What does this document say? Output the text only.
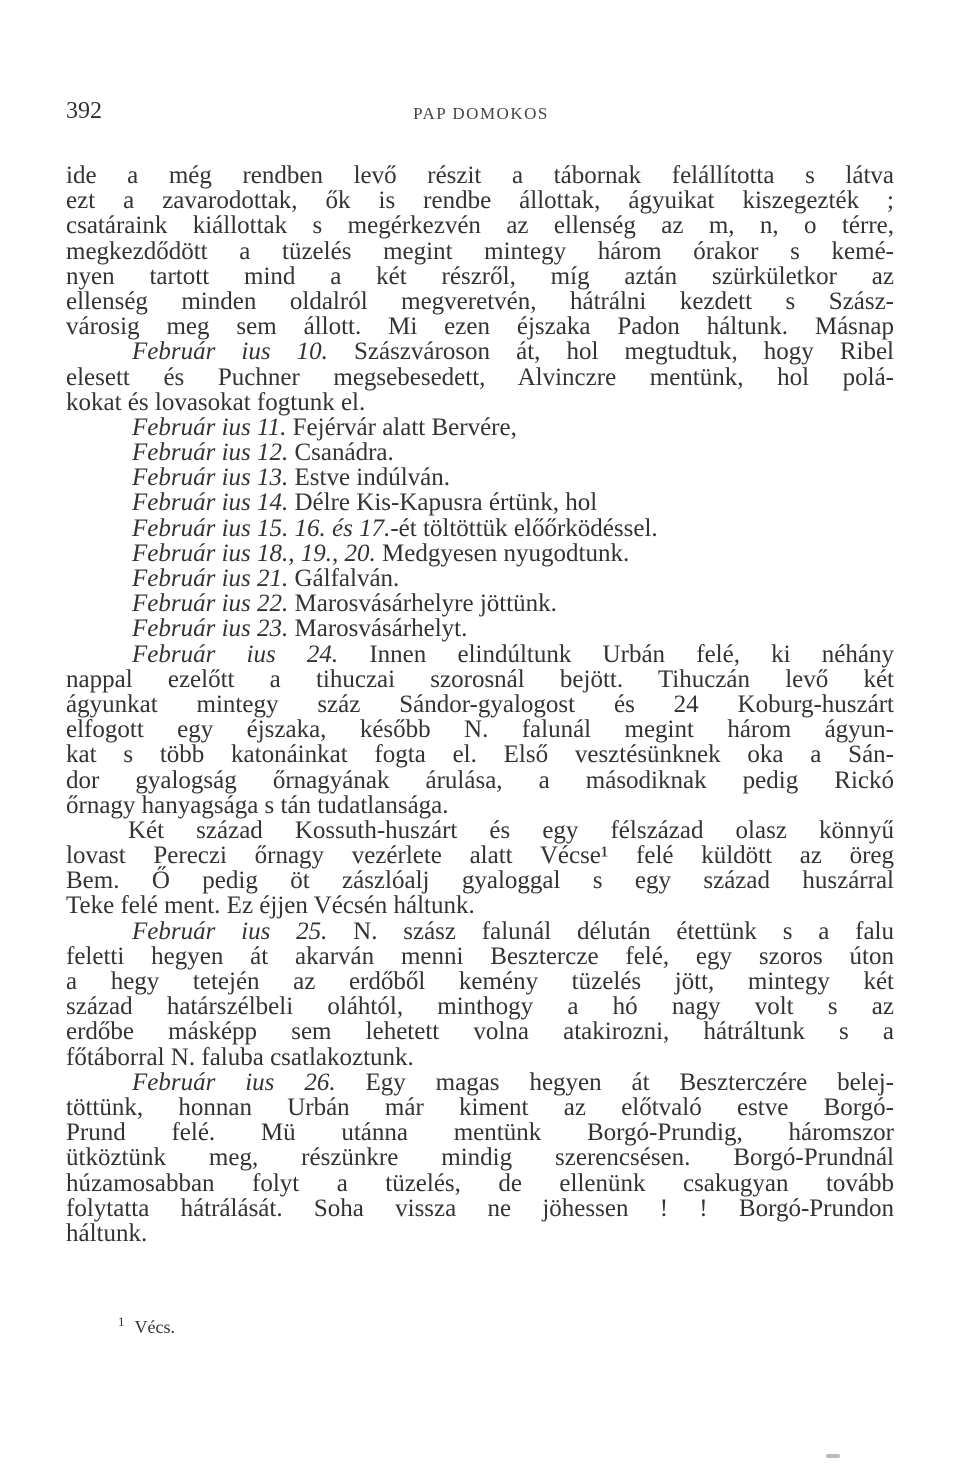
392	PAP DOMOKOS
ide a még rendben levő részit a tábornak felállította s látva
ezt a zavarodottak, ők is rendbe állottak, ágyuikat kiszegezték ;
csatáraink kiállottak s megérkezvén az ellenség az m, n, o térre,
megkezdődött a tüzelés megint mintegy három órakor s kemé-
nyen tartott mind a két részről, míg aztán szürkületkor az
ellenség minden oldalról megveretvén, hátrálni kezdett s Szász-
városig meg sem állott. Mi ezen éjszaka Padon háltunk. Másnap
Február ius 10. Szászvároson át, hol megtudtuk, hogy Ribel
elesett és Puchner megsebesedett, Alvinczre mentünk, hol polá-
kokat és lovasokat fogtunk el.
Február ius 11. Fejérvár alatt Bervére,
Február ius 12. Csanádra.
Február ius 13. Estve indúlván.
Február ius 14. Délre Kis-Kapusra értünk, hol
Február ius 15. 16. és 17.-ét töltöttük előőrködéssel.
Február ius 18., 19., 20. Medgyesen nyugodtunk.
Február ius 21. Gálfalván.
Február ius 22. Marosvásárhelyre jöttünk.
Február ius 23. Marosvásárhelyt.
Február ius 24. Innen elindúltunk Urbán felé, ki néhány
nappal ezelőtt a tihuczai szorosnál bejött. Tihuczán levő két
ágyunkat mintegy száz Sándor-gyalogost és 24 Koburg-huszárt
elfogott egy éjszaka, később N. falunál megint három ágyun-
kat s több katonáinkat fogta el. Első vesztésünknek oka a Sán-
dor gyalogság őrnagyának árulása, a másodiknak pedig Rickó
őrnagy hanyagsága s tán tudatlansága.
Két század Kossuth-huszárt és egy félszázad olasz könnyű
lovast Pereczi őrnagy vezérlete alatt Vécse¹ felé küldött az öreg
Bem. Ő pedig öt zászlóalj gyaloggal s egy század huszárral
Teke felé ment. Ez éjjen Vécsén háltunk.
Február ius 25. N. szász falunál délután étettünk s a falu
feletti hegyen át akarván menni Beszterczе felé, egy szoros úton
a hegy tetején az erdőből kemény tüzelés jött, mintegy két
század határszélbeli oláhtól, minthogy a hó nagy volt s az
erdőbe másképp sem lehetett volna atakirozni, hátráltunk s a
főtáborral N. faluba csatlakoztunk.
Február ius 26. Egy magas hegyen át Beszterczére belej-
töttünk, honnan Urbán már kiment az előtvaló estve Borgó-
Prund felé. Mü utánna mentünk Borgó-Prundig, háromszor
ütköztünk meg, részünkre mindig szerencsésen. Borgó-Prundnál
húzamosabban folyt a tüzelés, de ellenünk csakugyan tovább
folytatta hátrálását. Soha vissza ne jöhessen ! ! Borgó-Prundon
háltunk.
$^1$ Vécs.
